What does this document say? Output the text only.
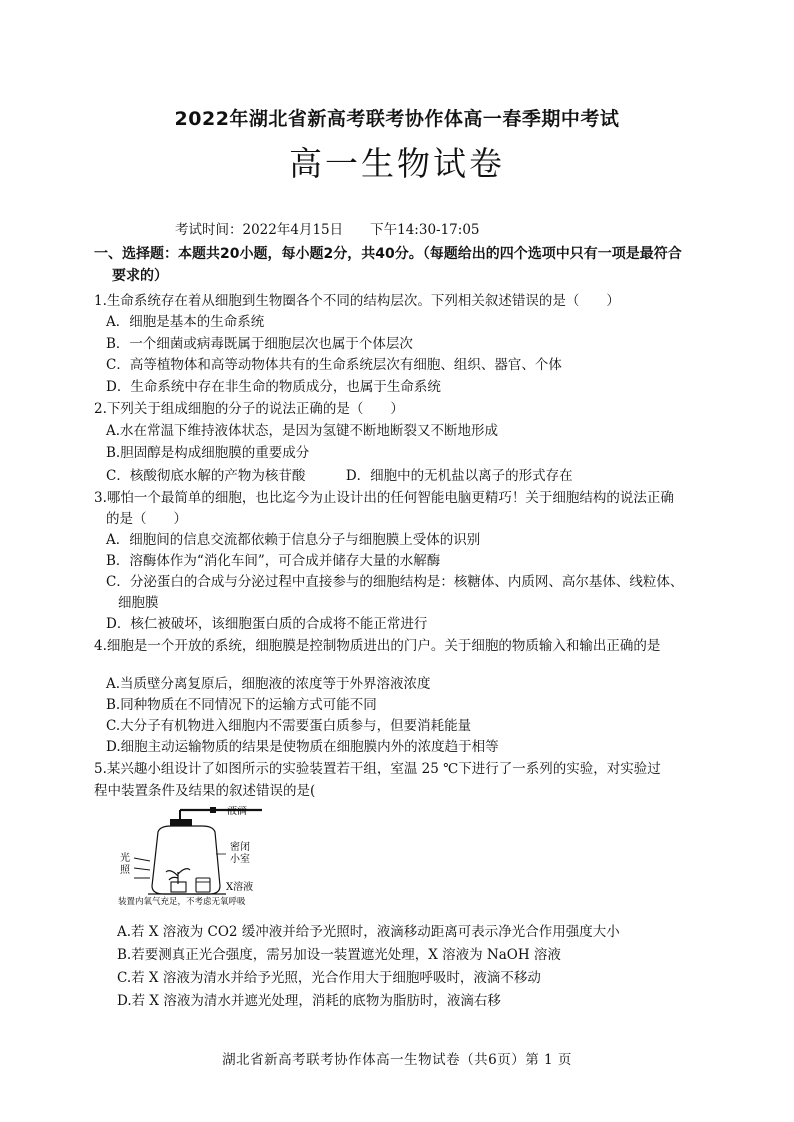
2022年湖北省新高考联考协作体高一春季期中考试
高一生物试卷
考试时间：2022年4月15日　　下午14:30-17:05
一、选择题：本题共20小题，每小题2分，共40分。（每题给出的四个选项中只有一项是最符合
要求的）
1.生命系统存在着从细胞到生物圈各个不同的结构层次。下列相关叙述错误的是（　　）
A．细胞是基本的生命系统
B．一个细菌或病毒既属于细胞层次也属于个体层次
C．高等植物体和高等动物体共有的生命系统层次有细胞、组织、器官、个体
D．生命系统中存在非生命的物质成分，也属于生命系统
2.下列关于组成细胞的分子的说法正确的是（　　）
A.水在常温下维持液体状态，是因为氢键不断地断裂又不断地形成
B.胆固醇是构成细胞膜的重要成分
C．核酸彻底水解的产物为核苷酸　　　D．细胞中的无机盐以离子的形式存在
3.哪怕一个最简单的细胞，也比迄今为止设计出的任何智能电脑更精巧！关于细胞结构的说法正确
的是（　　）
A．细胞间的信息交流都依赖于信息分子与细胞膜上受体的识别
B．溶酶体作为“消化车间”，可合成并储存大量的水解酶
C．分泌蛋白的合成与分泌过程中直接参与的细胞结构是：核糖体、内质网、高尔基体、线粒体、
细胞膜
D．核仁被破坏，该细胞蛋白质的合成将不能正常进行
4.细胞是一个开放的系统，细胞膜是控制物质进出的门户。关于细胞的物质输入和输出正确的是
A.当质壁分离复原后，细胞液的浓度等于外界溶液浓度
B.同种物质在不同情况下的运输方式可能不同
C.大分子有机物进入细胞内不需要蛋白质参与，但要消耗能量
D.细胞主动运输物质的结果是使物质在细胞膜内外的浓度趋于相等
5.某兴趣小组设计了如图所示的实验装置若干组，室温 25 ℃下进行了一系列的实验，对实验过
程中装置条件及结果的叙述错误的是(
液滴
密闭
小室
光
照
X溶液
装置内氧气充足，不考虑无氧呼吸
A.若 X 溶液为 CO2 缓冲液并给予光照时，液滴移动距离可表示净光合作用强度大小
B.若要测真正光合强度，需另加设一装置遮光处理，X 溶液为 NaOH 溶液
C.若 X 溶液为清水并给予光照，光合作用大于细胞呼吸时，液滴不移动
D.若 X 溶液为清水并遮光处理，消耗的底物为脂肪时，液滴右移
湖北省新高考联考协作体高一生物试卷（共6页）第 1 页
